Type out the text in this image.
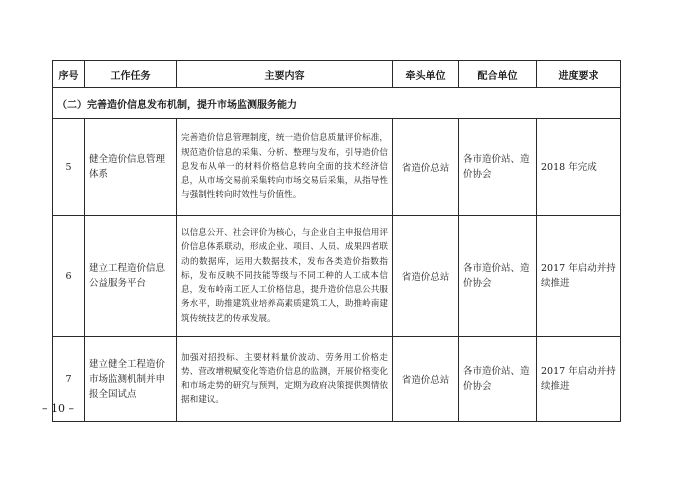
序号	工作任务	主要内容	牵头单位	配合单位	进度要求
（二）完善造价信息发布机制，提升市场监测服务能力					
5	健全造价信息管理体系	完善造价信息管理制度，统一造价信息质量评价标准，规范造价信息的采集、分析、整理与发布，引导造价信息发布从单一的材料价格信息转向全面的技术经济信息，从市场交易前采集转向市场交易后采集，从指导性与强制性转向时效性与价值性。	省造价总站	各市造价站、造价协会	2018 年完成
6	建立工程造价信息公益服务平台	以信息公开、社会评价为核心，与企业自主申报信用评价信息体系联动，形成企业、项目、人员、成果四者联动的数据库，运用大数据技术，发布各类造价指数指标，发布反映不同技能等级与不同工种的人工成本信息，发布岭南工匠人工价格信息，提升造价信息公共服务水平，助推建筑业培养高素质建筑工人，助推岭南建筑传统技艺的传承发展。	省造价总站	各市造价站、造价协会	2017 年启动并持续推进
7	建立健全工程造价市场监测机制并申报全国试点	加强对招投标、主要材料量价波动、劳务用工价格走势、营改增税赋变化等造价信息的监测，开展价格变化和市场走势的研究与预判，定期为政府决策提供舆情依据和建议。	省造价总站	各市造价站、造价协会	2017 年启动并持续推进
– 10 –
